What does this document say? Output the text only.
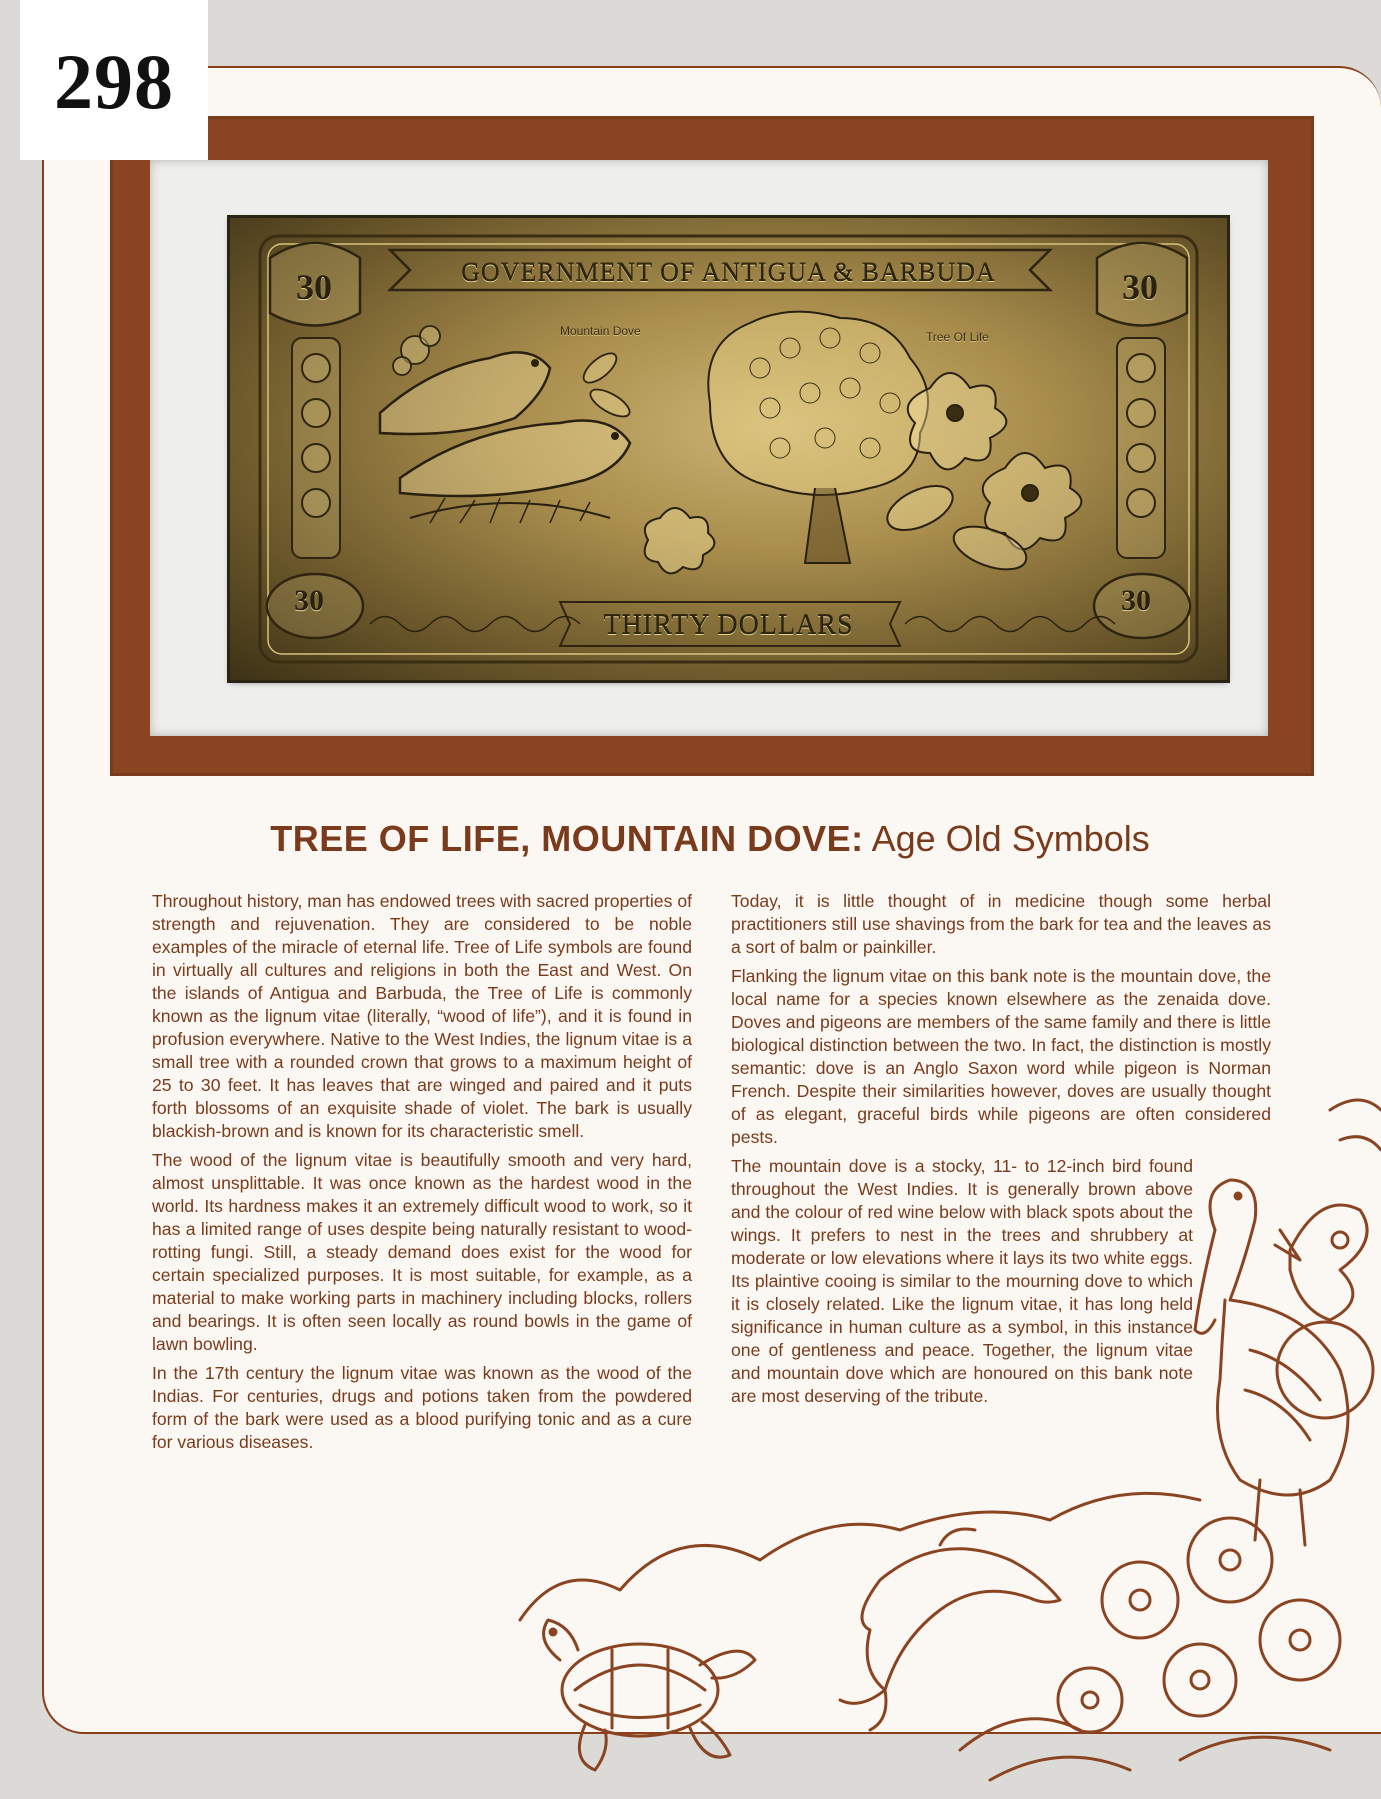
298
GOVERNMENT OF ANTIGUA & BARBUDA
THIRTY DOLLARS
Mountain Dove	Tree Of Life
30	30
30	30
TREE OF LIFE, MOUNTAIN DOVE: Age Old Symbols

Throughout history, man has endowed trees with sacred properties of strength and rejuvenation. They are considered to be noble examples of the miracle of eternal life. Tree of Life symbols are found in virtually all cultures and religions in both the East and West. On the islands of Antigua and Barbuda, the Tree of Life is commonly known as the lignum vitae (literally, “wood of life”), and it is found in profusion everywhere. Native to the West Indies, the lignum vitae is a small tree with a rounded crown that grows to a maximum height of 25 to 30 feet. It has leaves that are winged and paired and it puts forth blossoms of an exquisite shade of violet. The bark is usually blackish-brown and is known for its characteristic smell.

The wood of the lignum vitae is beautifully smooth and very hard, almost unsplittable. It was once known as the hardest wood in the world. Its hardness makes it an extremely difficult wood to work, so it has a limited range of uses despite being naturally resistant to wood-rotting fungi. Still, a steady demand does exist for the wood for certain specialized purposes. It is most suitable, for example, as a material to make working parts in machinery including blocks, rollers and bearings. It is often seen locally as round bowls in the game of lawn bowling.

In the 17th century the lignum vitae was known as the wood of the Indias. For centuries, drugs and potions taken from the powdered form of the bark were used as a blood purifying tonic and as a cure for various diseases.

Today, it is little thought of in medicine though some herbal practitioners still use shavings from the bark for tea and the leaves as a sort of balm or painkiller.

Flanking the lignum vitae on this bank note is the mountain dove, the local name for a species known elsewhere as the zenaida dove. Doves and pigeons are members of the same family and there is little biological distinction between the two. In fact, the distinction is mostly semantic: dove is an Anglo Saxon word while pigeon is Norman French. Despite their similarities however, doves are usually thought of as elegant, graceful birds while pigeons are often considered pests.

The mountain dove is a stocky, 11- to 12-inch bird found throughout the West Indies. It is generally brown above and the colour of red wine below with black spots about the wings. It prefers to nest in the trees and shrubbery at moderate or low elevations where it lays its two white eggs. Its plaintive cooing is similar to the mourning dove to which it is closely related. Like the lignum vitae, it has long held significance in human culture as a symbol, in this instance one of gentleness and peace. Together, the lignum vitae and mountain dove which are honoured on this bank note are most deserving of the tribute.
